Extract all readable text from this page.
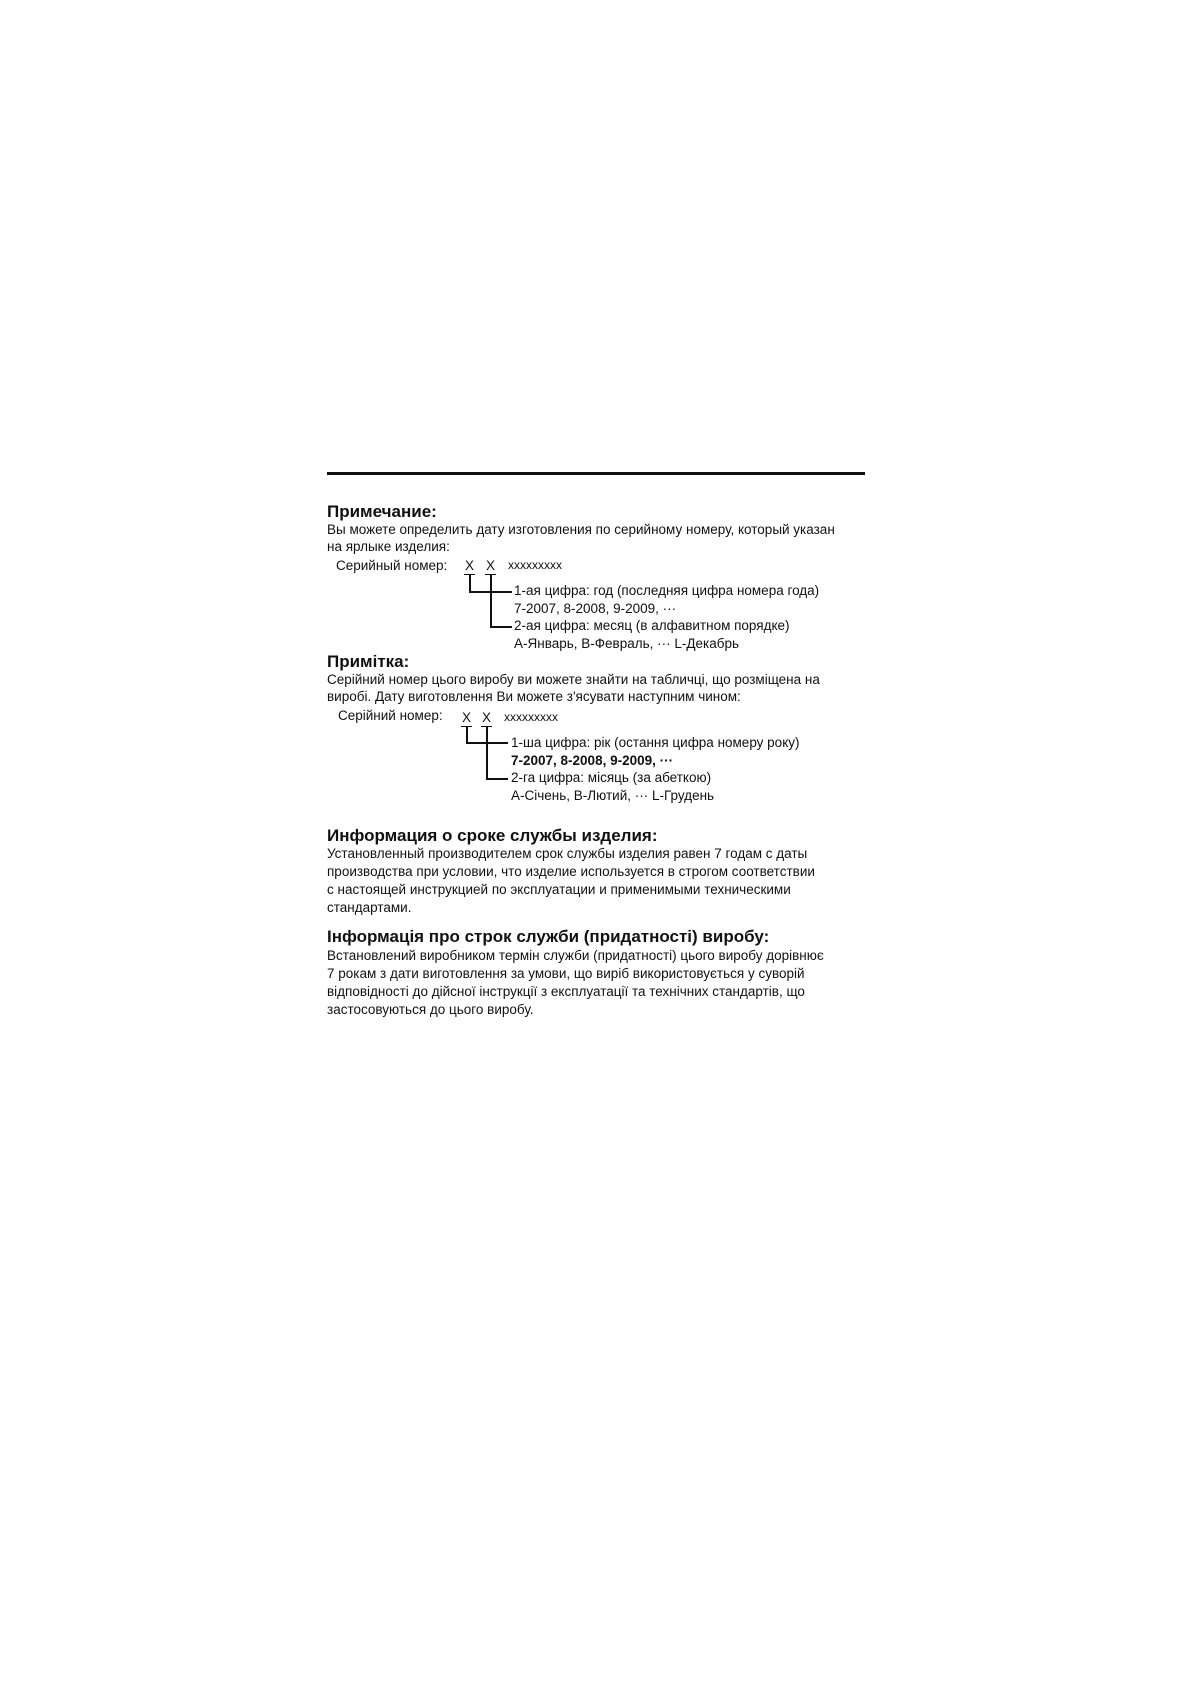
Примечание:
Вы можете определить дату изготовления по серийному номеру, который указан
на ярлыке изделия:
Серийный номер: X X xxxxxxxxx
1-ая цифра: год (последняя цифра номера года)
7-2007, 8-2008, 9-2009, ···
2-ая цифра: месяц (в алфавитном порядке)
А-Январь, В-Февраль, ··· L-Декабрь
Примітка:
Серійний номер цього виробу ви можете знайти на табличці, що розміщена на
виробі. Дату виготовлення Ви можете з'ясувати наступним чином:
Серійний номер: X X xxxxxxxxx
1-ша цифра: рік (остання цифра номеру року)
7-2007, 8-2008, 9-2009, ···
2-га цифра: місяць (за абеткою)
А-Січень, В-Лютий, ··· L-Грудень
Информация о сроке службы изделия:
Установленный производителем срок службы изделия равен 7 годам с даты
производства при условии, что изделие используется в строгом соответствии
с настоящей инструкцией по эксплуатации и применимыми техническими
стандартами.
Інформація про строк служби (придатності) виробу:
Встановлений виробником термін служби (придатності) цього виробу дорівнює
7 рокам з дати виготовлення за умови, що виріб використовується у суворій
відповідності до дійсної інструкції з експлуатації та технічних стандартів, що
застосовуються до цього виробу.
